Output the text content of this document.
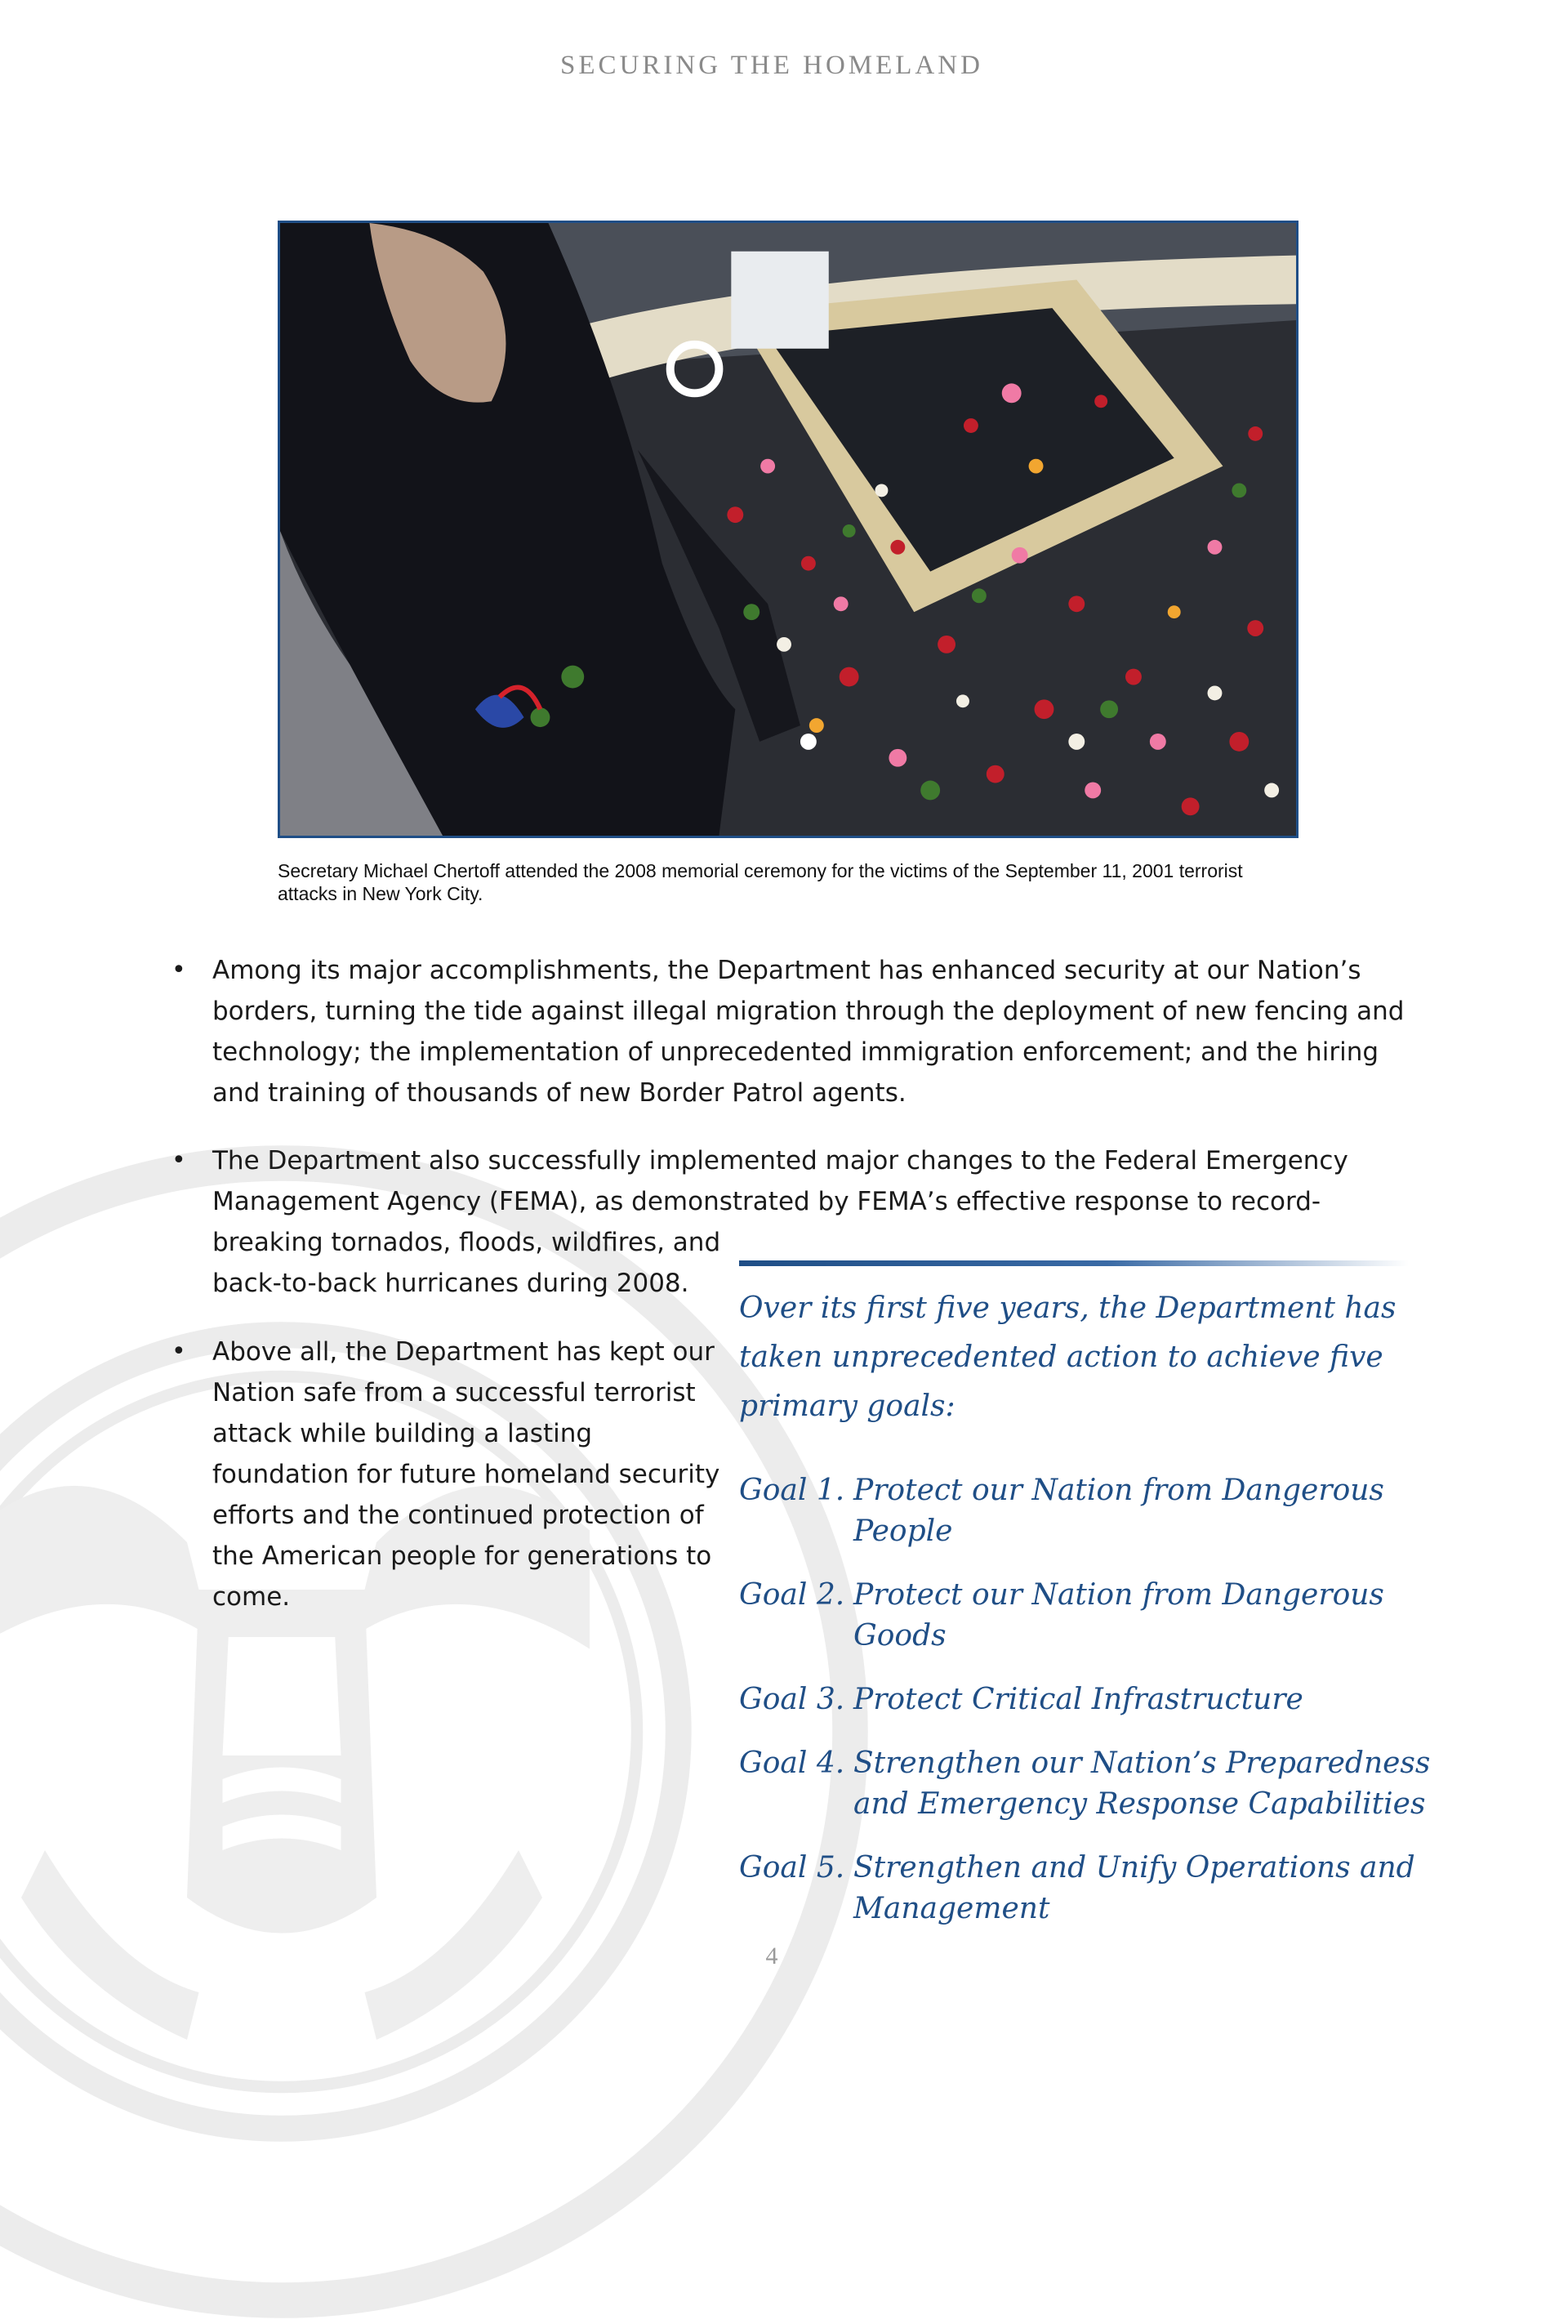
SECURING THE HOMELAND
Secretary Michael Chertoff attended the 2008 memorial ceremony for the victims of the September 11, 2001 terrorist attacks in New York City.
• Among its major accomplishments, the Department has enhanced security at our Nation’s borders, turning the tide against illegal migration through the deployment of new fencing and technology; the implementation of unprecedented immigration enforcement; and the hiring and training of thousands of new Border Patrol agents.
• The Department also successfully implemented major changes to the Federal Emergency Management Agency (FEMA), as demonstrated by FEMA’s effective response to record-breaking tornados, floods, wildfires, and
back-to-back hurricanes during 2008.
• Above all, the Department has kept our Nation safe from a successful terrorist attack while building a lasting foundation for future homeland security efforts and the continued protection of the American people for generations to come.

Over its first five years, the Department has taken unprecedented action to achieve five primary goals:

Goal 1. Protect our Nation from Dangerous People
Goal 2. Protect our Nation from Dangerous Goods
Goal 3. Protect Critical Infrastructure
Goal 4. Strengthen our Nation’s Preparedness and Emergency Response Capabilities
Goal 5. Strengthen and Unify Operations and Management
4
